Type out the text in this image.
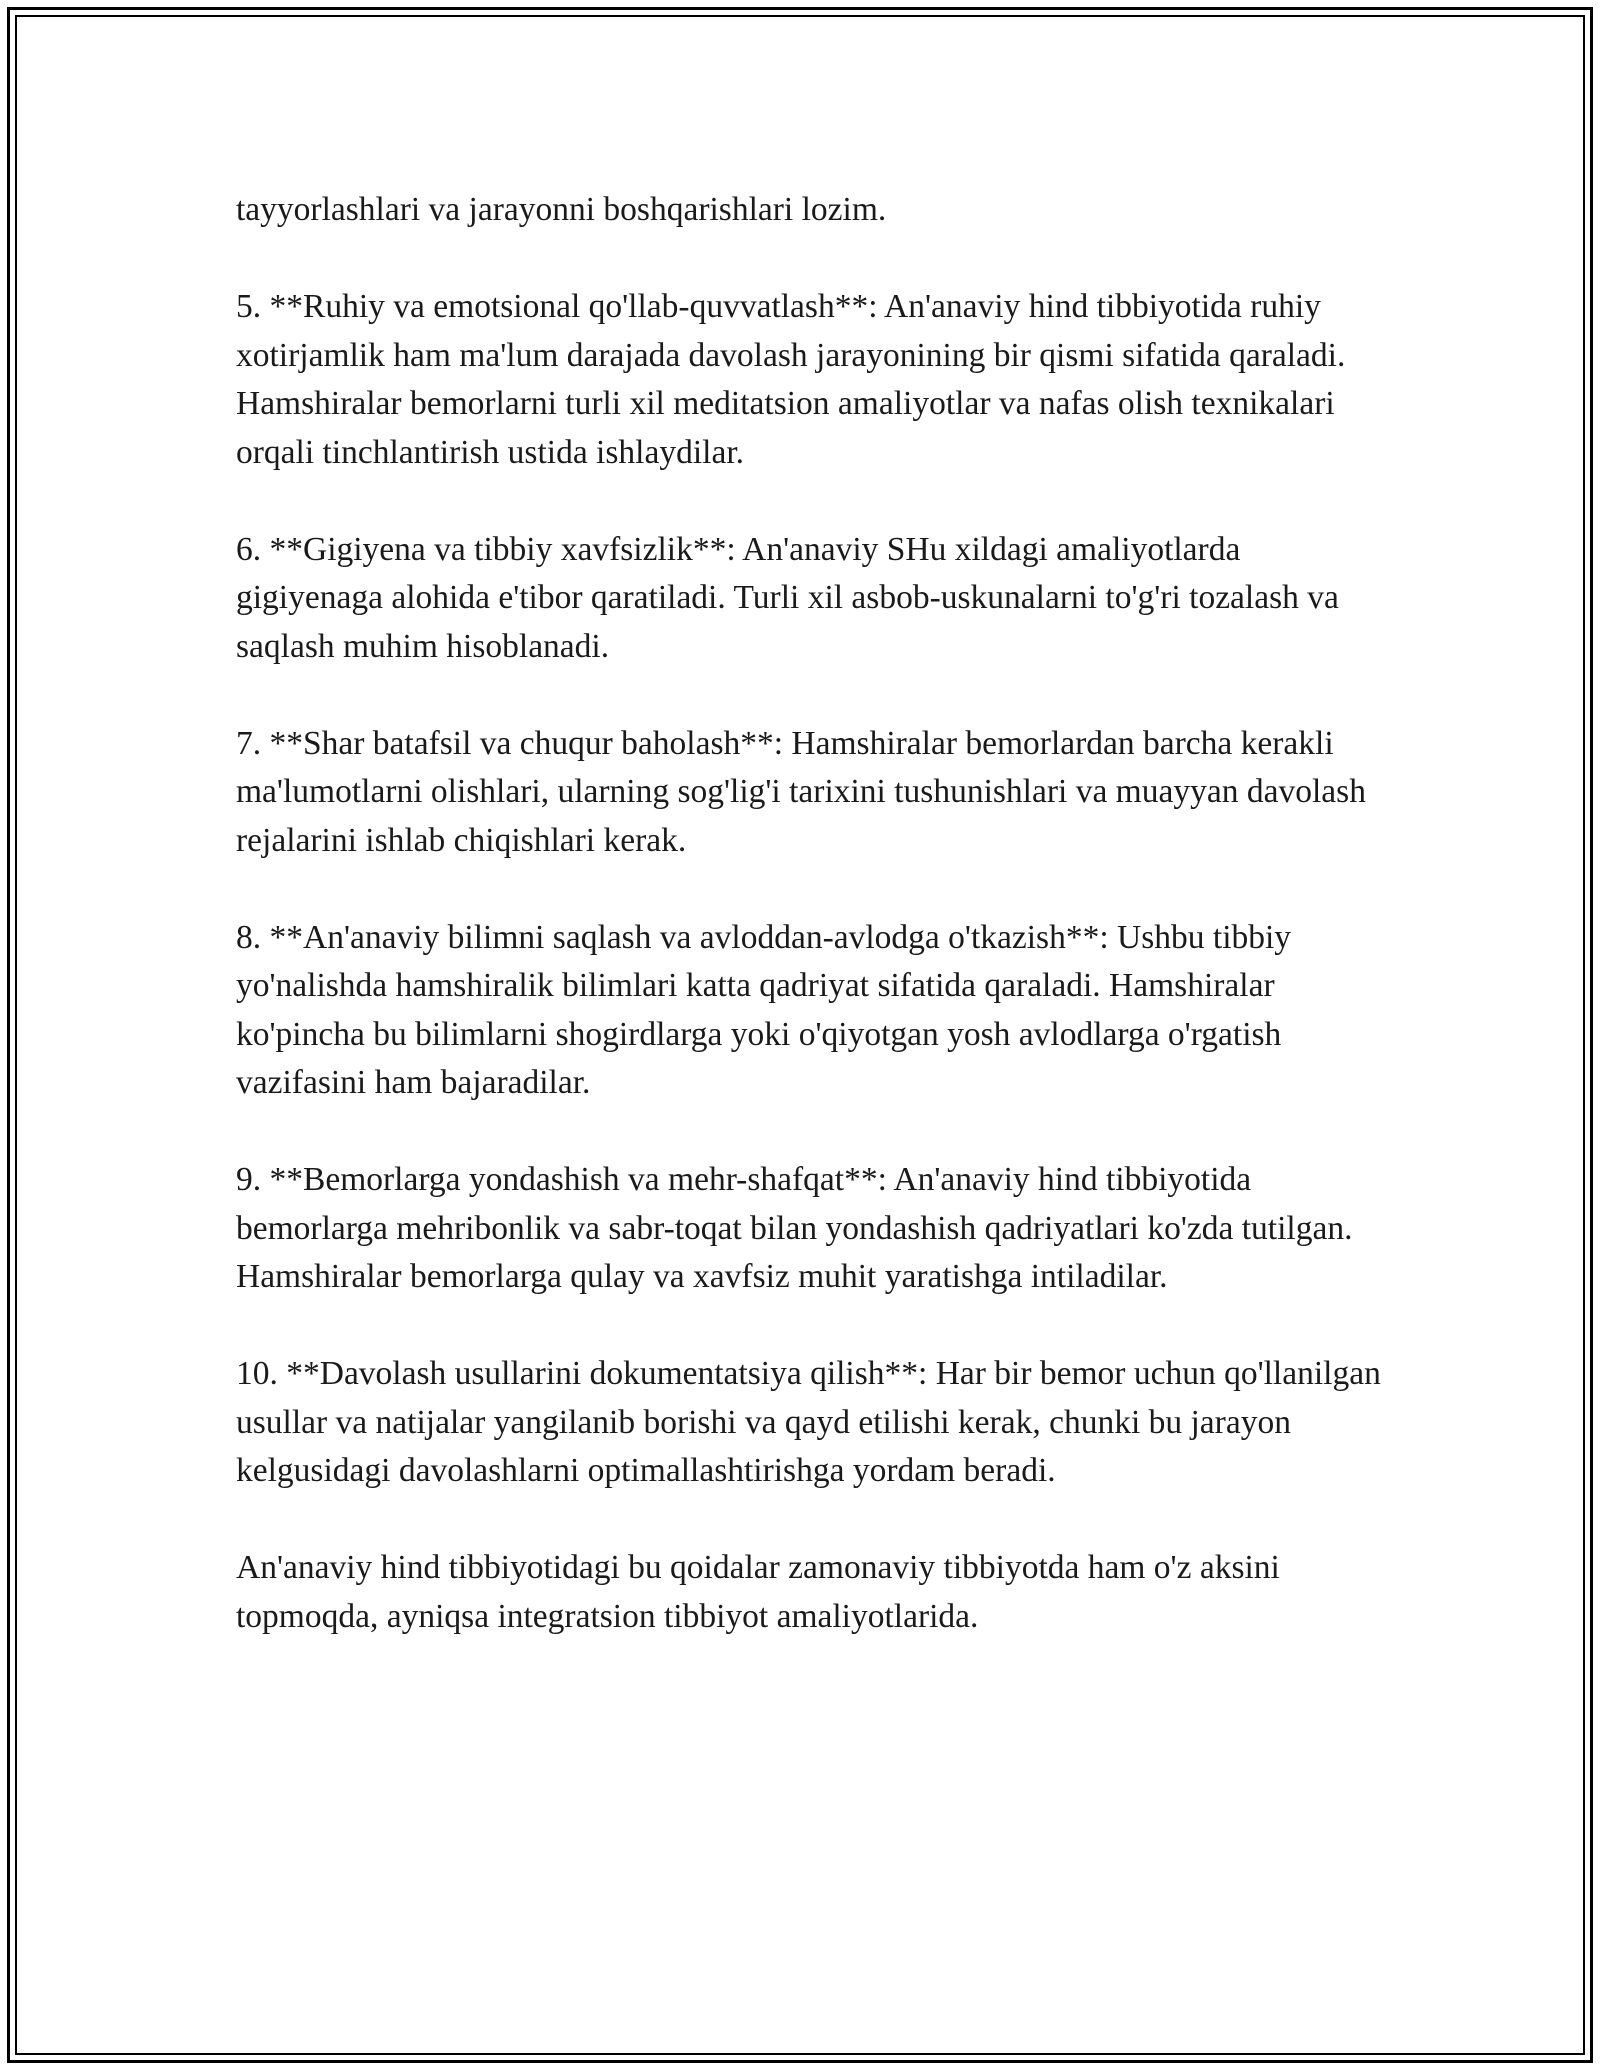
tayyorlashlari va jarayonni boshqarishlari lozim.

5. **Ruhiy va emotsional qo'llab-quvvatlash**: An'anaviy hind tibbiyotida ruhiy xotirjamlik ham ma'lum darajada davolash jarayonining bir qismi sifatida qaraladi. Hamshiralar bemorlarni turli xil meditatsion amaliyotlar va nafas olish texnikalari orqali tinchlantirish ustida ishlaydilar.

6. **Gigiyena va tibbiy xavfsizlik**: An'anaviy SHu xildagi amaliyotlarda gigiyenaga alohida e'tibor qaratiladi. Turli xil asbob-uskunalarni to'g'ri tozalash va saqlash muhim hisoblanadi.

7. **Shar batafsil va chuqur baholash**: Hamshiralar bemorlardan barcha kerakli ma'lumotlarni olishlari, ularning sog'lig'i tarixini tushunishlari va muayyan davolash rejalarini ishlab chiqishlari kerak.

8. **An'anaviy bilimni saqlash va avloddan-avlodga o'tkazish**: Ushbu tibbiy yo'nalishda hamshiralik bilimlari katta qadriyat sifatida qaraladi. Hamshiralar ko'pincha bu bilimlarni shogirdlarga yoki o'qiyotgan yosh avlodlarga o'rgatish vazifasini ham bajaradilar.

9. **Bemorlarga yondashish va mehr-shafqat**: An'anaviy hind tibbiyotida bemorlarga mehribonlik va sabr-toqat bilan yondashish qadriyatlari ko'zda tutilgan. Hamshiralar bemorlarga qulay va xavfsiz muhit yaratishga intiladilar.

10. **Davolash usullarini dokumentatsiya qilish**: Har bir bemor uchun qo'llanilgan usullar va natijalar yangilanib borishi va qayd etilishi kerak, chunki bu jarayon kelgusidagi davolashlarni optimallashtirishga yordam beradi.

An'anaviy hind tibbiyotidagi bu qoidalar zamonaviy tibbiyotda ham o'z aksini topmoqda, ayniqsa integratsion tibbiyot amaliyotlarida.
